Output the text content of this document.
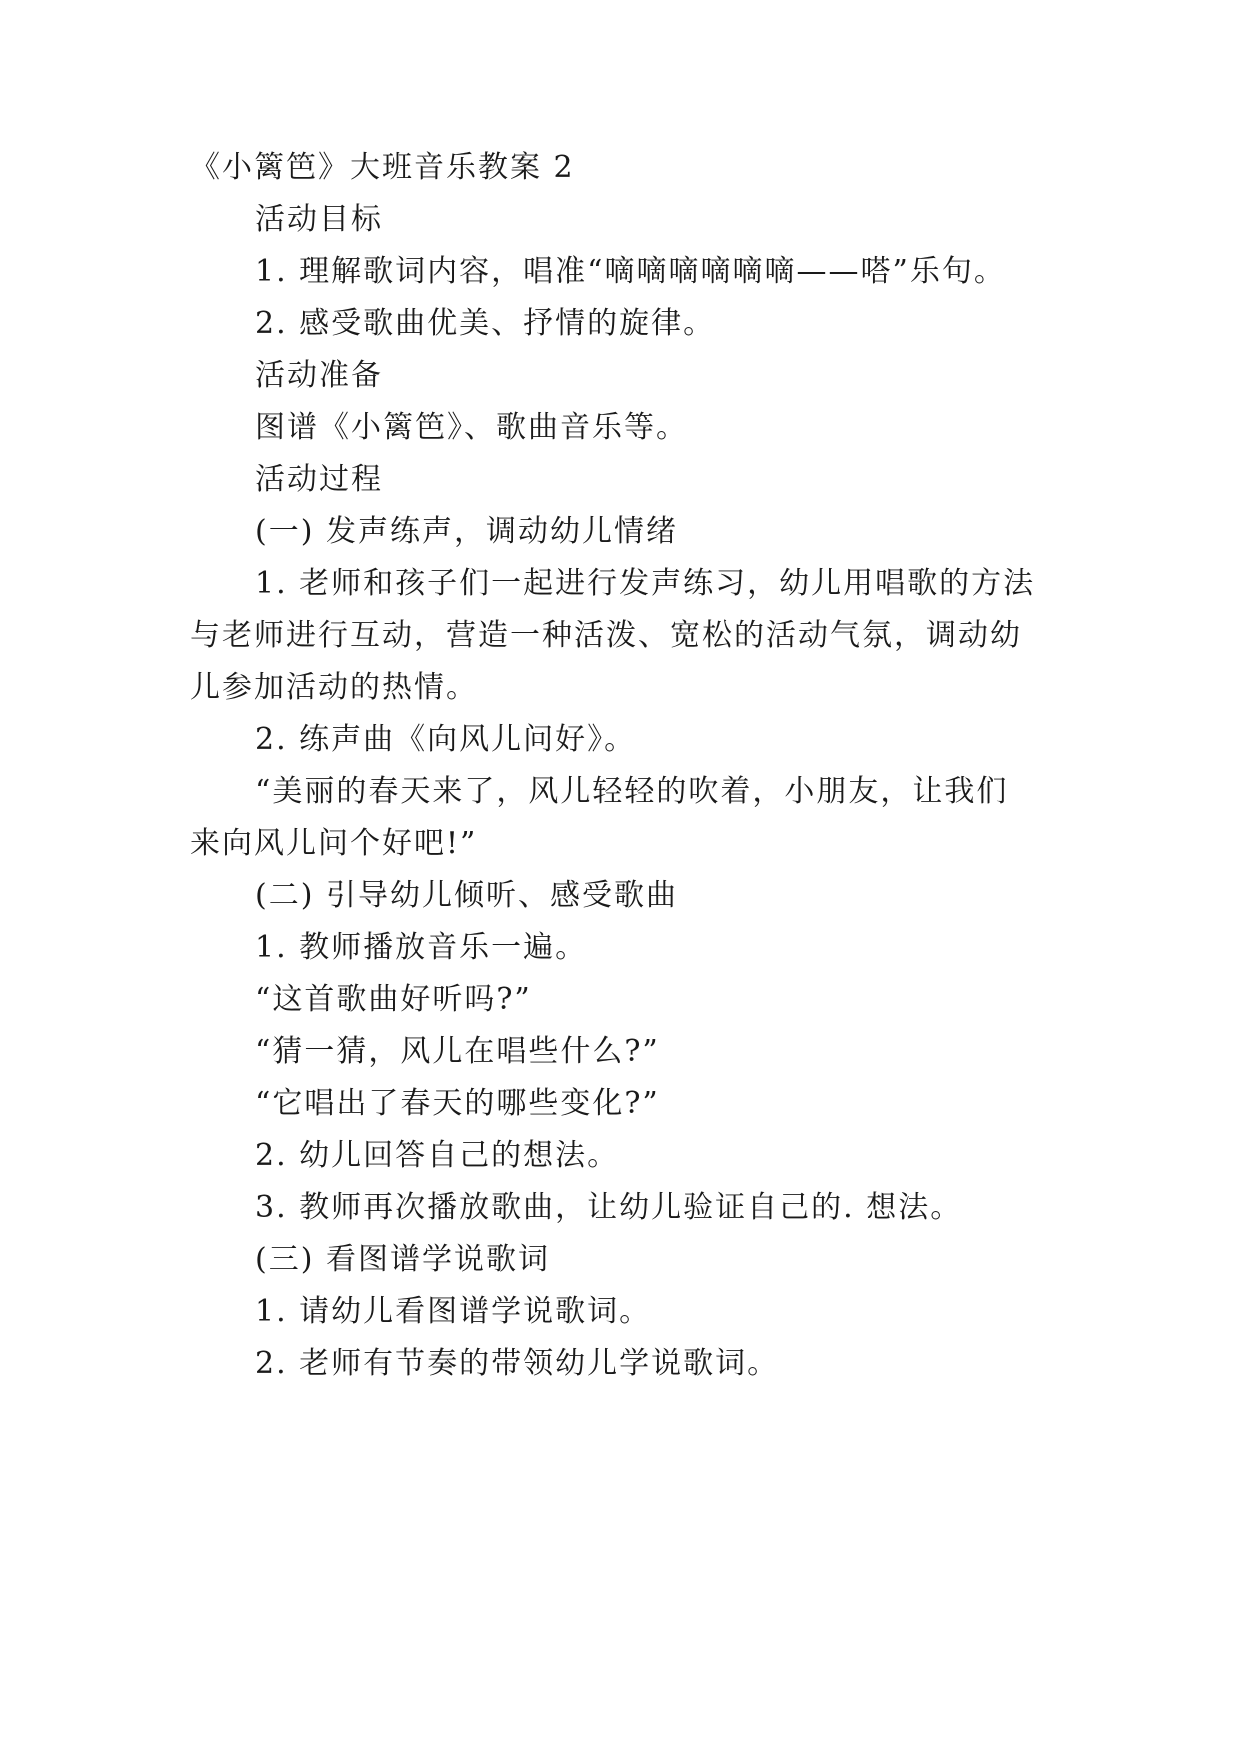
《小篱笆》大班音乐教案 2

活动目标

1. 理解歌词内容，唱准“嘀嘀嘀嘀嘀嘀——嗒”乐句。

2. 感受歌曲优美、抒情的旋律。

活动准备

图谱《小篱笆》、歌曲音乐等。

活动过程

(一) 发声练声，调动幼儿情绪

1. 老师和孩子们一起进行发声练习，幼儿用唱歌的方法

与老师进行互动，营造一种活泼、宽松的活动气氛，调动幼

儿参加活动的热情。

2. 练声曲《向风儿问好》。

“美丽的春天来了，风儿轻轻的吹着，小朋友，让我们

来向风儿问个好吧!”

(二) 引导幼儿倾听、感受歌曲

1. 教师播放音乐一遍。

“这首歌曲好听吗?”

“猜一猜，风儿在唱些什么?”

“它唱出了春天的哪些变化?”

2. 幼儿回答自己的想法。

3. 教师再次播放歌曲，让幼儿验证自己的. 想法。

(三) 看图谱学说歌词

1. 请幼儿看图谱学说歌词。

2. 老师有节奏的带领幼儿学说歌词。
